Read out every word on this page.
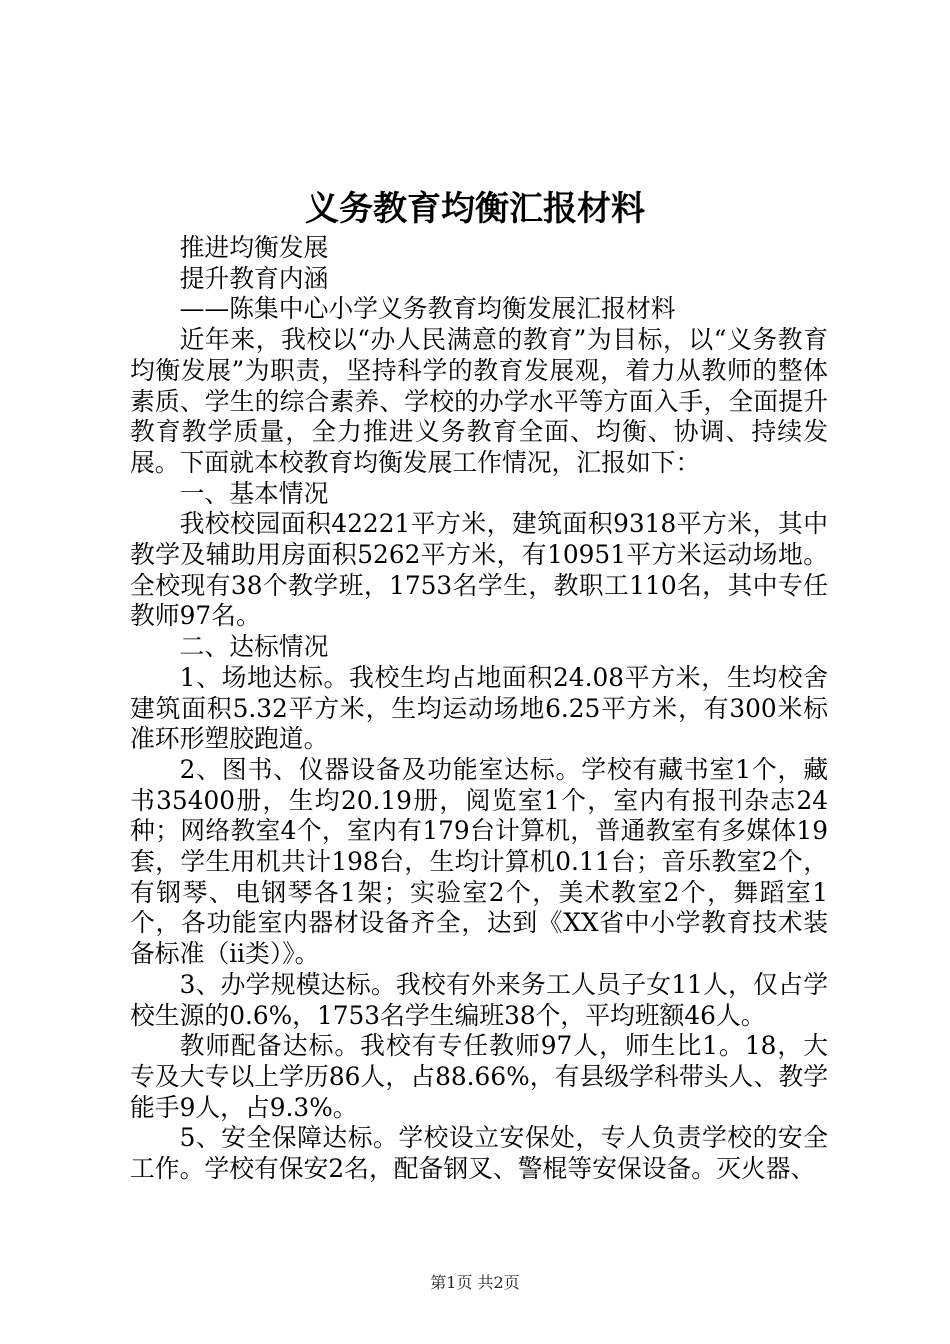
义务教育均衡汇报材料

推进均衡发展

提升教育内涵

——陈集中心小学义务教育均衡发展汇报材料

近年来，我校以“办人民满意的教育”为目标，以“义务教育均衡发展”为职责，坚持科学的教育发展观，着力从教师的整体素质、学生的综合素养、学校的办学水平等方面入手，全面提升教育教学质量，全力推进义务教育全面、均衡、协调、持续发展。下面就本校教育均衡发展工作情况，汇报如下：

一、基本情况

我校校园面积42221平方米，建筑面积9318平方米，其中教学及辅助用房面积5262平方米，有10951平方米运动场地。全校现有38个教学班，1753名学生，教职工110名，其中专任教师97名。

二、达标情况

1、场地达标。我校生均占地面积24.08平方米，生均校舍建筑面积5.32平方米，生均运动场地6.25平方米，有300米标准环形塑胶跑道。

2、图书、仪器设备及功能室达标。学校有藏书室1个，藏书35400册，生均20.19册，阅览室1个，室内有报刊杂志24种；网络教室4个，室内有179台计算机，普通教室有多媒体19套，学生用机共计198台，生均计算机0.11台；音乐教室2个，有钢琴、电钢琴各1架；实验室2个，美术教室2个，舞蹈室1个，各功能室内器材设备齐全，达到《XX省中小学教育技术装备标准（ii类）》。

3、办学规模达标。我校有外来务工人员子女11人，仅占学校生源的0.6%，1753名学生编班38个，平均班额46人。

教师配备达标。我校有专任教师97人，师生比1。18，大专及大专以上学历86人，占88.66%，有县级学科带头人、教学能手9人，占9.3%。

5、安全保障达标。学校设立安保处，专人负责学校的安全工作。学校有保安2名，配备钢叉、警棍等安保设备。灭火器、

第1页 共2页
